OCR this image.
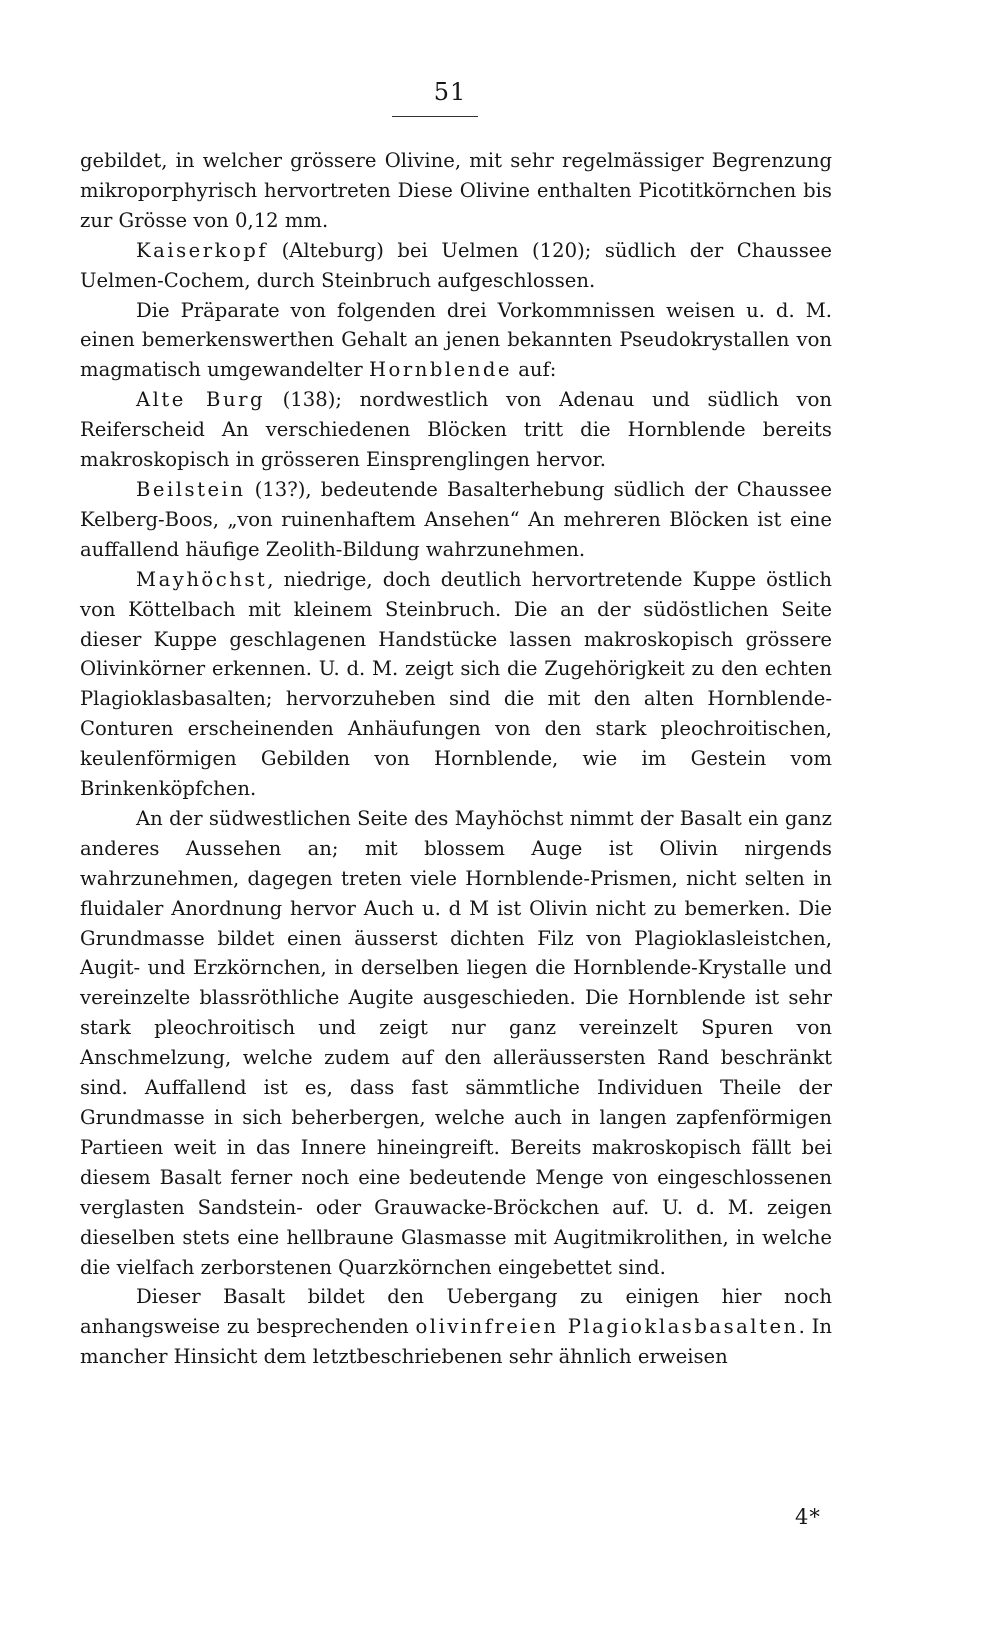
51

gebildet, in welcher grössere Olivine, mit sehr regelmässiger Begrenzung mikroporphyrisch hervortreten Diese Olivine enthalten Picotitkörnchen bis zur Grösse von 0,12 mm.

Kaiserkopf (Alteburg) bei Uelmen (120); südlich der Chaussee Uelmen-Cochem, durch Steinbruch aufgeschlossen.

Die Präparate von folgenden drei Vorkommnissen weisen u. d. M. einen bemerkenswerthen Gehalt an jenen bekannten Pseudokrystallen von magmatisch umgewandelter Hornblende auf:

Alte Burg (138); nordwestlich von Adenau und südlich von Reiferscheid An verschiedenen Blöcken tritt die Hornblende bereits makroskopisch in grösseren Einsprenglingen hervor.

Beilstein (13?), bedeutende Basalterhebung südlich der Chaussee Kelberg-Boos, „von ruinenhaftem Ansehen“ An mehreren Blöcken ist eine auffallend häufige Zeolith-Bildung wahrzunehmen.

Mayhöchst, niedrige, doch deutlich hervortretende Kuppe östlich von Köttelbach mit kleinem Steinbruch. Die an der südöstlichen Seite dieser Kuppe geschlagenen Handstücke lassen makroskopisch grössere Olivinkörner erkennen. U. d. M. zeigt sich die Zugehörigkeit zu den echten Plagioklasbasalten; hervorzuheben sind die mit den alten Hornblende-Conturen erscheinenden Anhäufungen von den stark pleochroitischen, keulenförmigen Gebilden von Hornblende, wie im Gestein vom Brinkenköpfchen.

An der südwestlichen Seite des Mayhöchst nimmt der Basalt ein ganz anderes Aussehen an; mit blossem Auge ist Olivin nirgends wahrzunehmen, dagegen treten viele Hornblende-Prismen, nicht selten in fluidaler Anordnung hervor Auch u. d M ist Olivin nicht zu bemerken. Die Grundmasse bildet einen äusserst dichten Filz von Plagioklasleistchen, Augit- und Erzkörnchen, in derselben liegen die Hornblende-Krystalle und vereinzelte blassröthliche Augite ausgeschieden. Die Hornblende ist sehr stark pleochroitisch und zeigt nur ganz vereinzelt Spuren von Anschmelzung, welche zudem auf den alleräussersten Rand beschränkt sind. Auffallend ist es, dass fast sämmtliche Individuen Theile der Grundmasse in sich beherbergen, welche auch in langen zapfenförmigen Partieen weit in das Innere hineingreift. Bereits makroskopisch fällt bei diesem Basalt ferner noch eine bedeutende Menge von eingeschlossenen verglasten Sandstein- oder Grauwacke-Bröckchen auf. U. d. M. zeigen dieselben stets eine hellbraune Glasmasse mit Augitmikrolithen, in welche die vielfach zerborstenen Quarzkörnchen eingebettet sind.

Dieser Basalt bildet den Uebergang zu einigen hier noch anhangsweise zu besprechenden olivinfreien Plagioklasbasalten. In mancher Hinsicht dem letztbeschriebenen sehr ähnlich erweisen

4*
